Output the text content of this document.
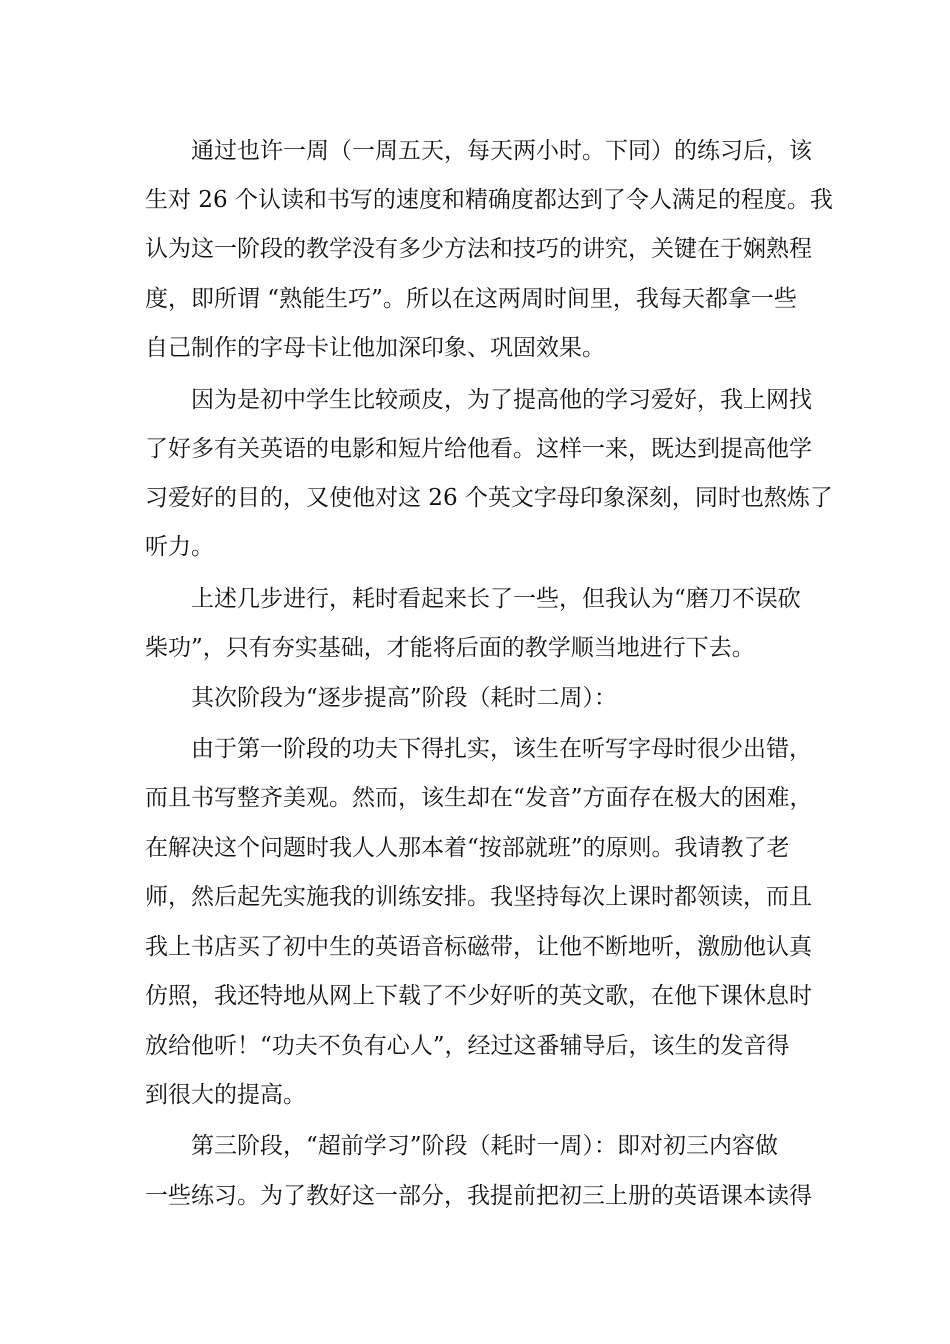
通过也许一周（一周五天，每天两小时。下同）的练习后，该
生对 26 个认读和书写的速度和精确度都达到了令人满足的程度。我
认为这一阶段的教学没有多少方法和技巧的讲究，关键在于娴熟程
度，即所谓 “熟能生巧”。所以在这两周时间里，我每天都拿一些
自己制作的字母卡让他加深印象、巩固效果。
因为是初中学生比较顽皮，为了提高他的学习爱好，我上网找
了好多有关英语的电影和短片给他看。这样一来，既达到提高他学
习爱好的目的，又使他对这 26 个英文字母印象深刻，同时也熬炼了
听力。
上述几步进行，耗时看起来长了一些，但我认为“磨刀不误砍
柴功”，只有夯实基础，才能将后面的教学顺当地进行下去。
其次阶段为“逐步提高”阶段（耗时二周）：
由于第一阶段的功夫下得扎实，该生在听写字母时很少出错，
而且书写整齐美观。然而，该生却在“发音”方面存在极大的困难，
在解决这个问题时我人人那本着“按部就班”的原则。我请教了老
师，然后起先实施我的训练安排。我坚持每次上课时都领读，而且
我上书店买了初中生的英语音标磁带，让他不断地听，激励他认真
仿照，我还特地从网上下载了不少好听的英文歌，在他下课休息时
放给他听！“功夫不负有心人”，经过这番辅导后，该生的发音得
到很大的提高。
第三阶段，“超前学习”阶段（耗时一周）：即对初三内容做
一些练习。为了教好这一部分，我提前把初三上册的英语课本读得
